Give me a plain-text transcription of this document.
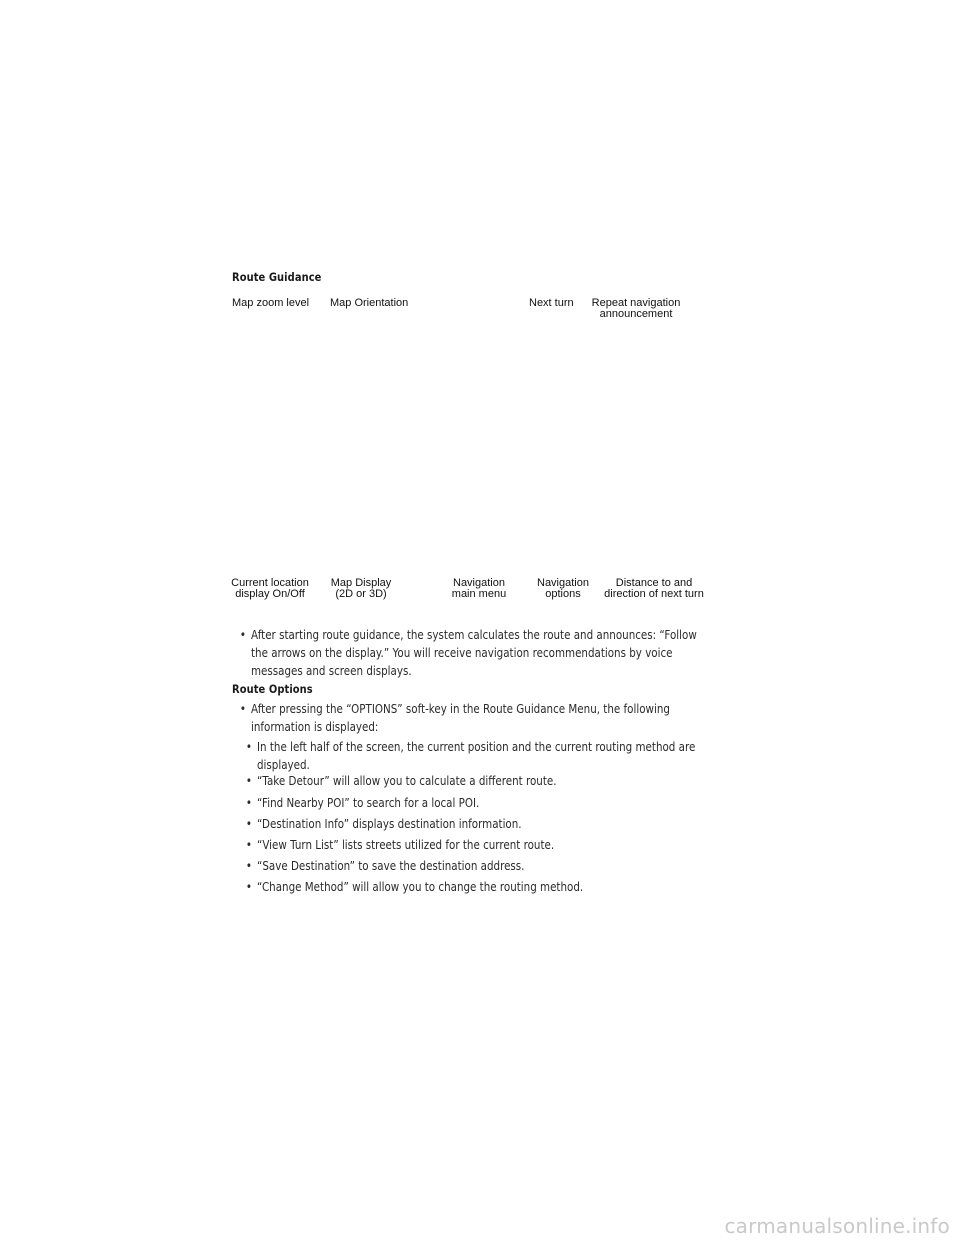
Route Guidance
Map zoom level Map Orientation	Next turn	Repeat navigation
announcement
Current location
display On/Off
Map Display
(2D or 3D)
Navigation
main menu
Navigation
options
Distance to and
direction of next turn
• After starting route guidance, the system calculates the route and announces: “Follow the arrows on the display.” You will receive navigation recommendations by voice messages and screen displays.
Route Options
• After pressing the “OPTIONS” soft-key in the Route Guidance Menu, the following information is displayed:
• In the left half of the screen, the current position and the current routing method are displayed.
• “Take Detour” will allow you to calculate a different route.
• “Find Nearby POI” to search for a local POI.
• “Destination Info” displays destination information.
• “View Turn List” lists streets utilized for the current route.
• “Save Destination” to save the destination address.
• “Change Method” will allow you to change the routing method.
carmanualsonline.info
